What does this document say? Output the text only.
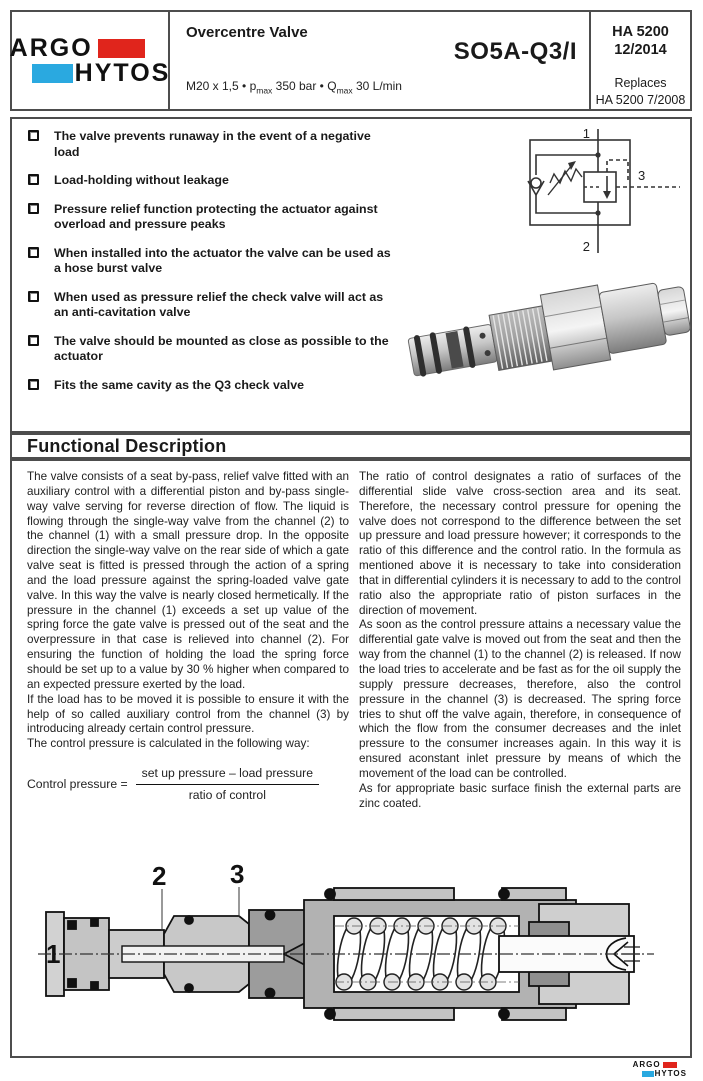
ARGO
HYTOS
Overcentre Valve
SO5A-Q3/I
M20 x 1,5 • $p_{max}$ 350 bar • $Q_{max}$ 30 L/min
HA 5200
12/2014
Replaces
HA 5200 7/2008
The valve prevents runaway in the event of a negative load
Load-holding without leakage
Pressure relief function protecting the actuator against overload and pressure peaks
When installed into the actuator the valve can be used as a hose burst valve
When used as pressure relief the check valve will act as an anti-cavitation valve
The valve should be mounted as close as possible to the actuator
Fits the same cavity as the Q3 check valve
1
2
3
Functional Description

The valve consists of a seat by-pass, relief valve fitted with an auxiliary control with a differential piston and by-pass single-way valve serving for reverse direction of flow. The liquid is flowing through the single-way valve from the channel (2) to the channel (1) with a small pressure drop. In the opposite direction the single-way valve on the rear side of which a gate valve seat is fitted is pressed through the action of a spring and the load pressure against the spring-loaded valve gate valve. In this way the valve is nearly closed hermetically. If the pressure in the channel (1) exceeds a set up value of the spring force the gate valve is pressed out of the seat and the overpressure in that case is relieved into channel (2). For ensuring the function of holding the load the spring force should be set up to a value by 30 % higher when compared to an expected pressure exerted by the load.

If the load has to be moved it is possible to ensure it with the help of so called auxiliary control from the channel (3) by introducing already certain control pressure.

The control pressure is calculated in the following way:

Control pressure = $\frac{\text{set up pressure – load pressure}}{\text{ratio of control}}$

The ratio of control designates a ratio of surfaces of the differential slide valve cross-section area and its seat. Therefore, the necessary control pressure for opening the valve does not correspond to the difference between the set up pressure and load pressure however; it corresponds to the ratio of this difference and the control ratio. In the formula as mentioned above it is necessary to take into consideration that in differential cylinders it is necessary to add to the control ratio also the appropriate ratio of piston surfaces in the direction of movement.

As soon as the control pressure attains a necessary value the differential gate valve is moved out from the seat and then the way from the channel (1) to the channel (2) is released. If now the load tries to accelerate and be fast as for the oil supply the supply pressure decreases, therefore, also the control pressure in the channel (3) is decreased. The spring force tries to shut off the valve again, therefore, in consequence of which the flow from the consumer decreases and the inlet pressure to the consumer increases again. In this way it is ensured aconstant inlet pressure by means of which the movement of the load can be controlled.

As for appropriate basic surface finish the external parts are zinc coated.

1
2 3
ARGO
HYTOS
